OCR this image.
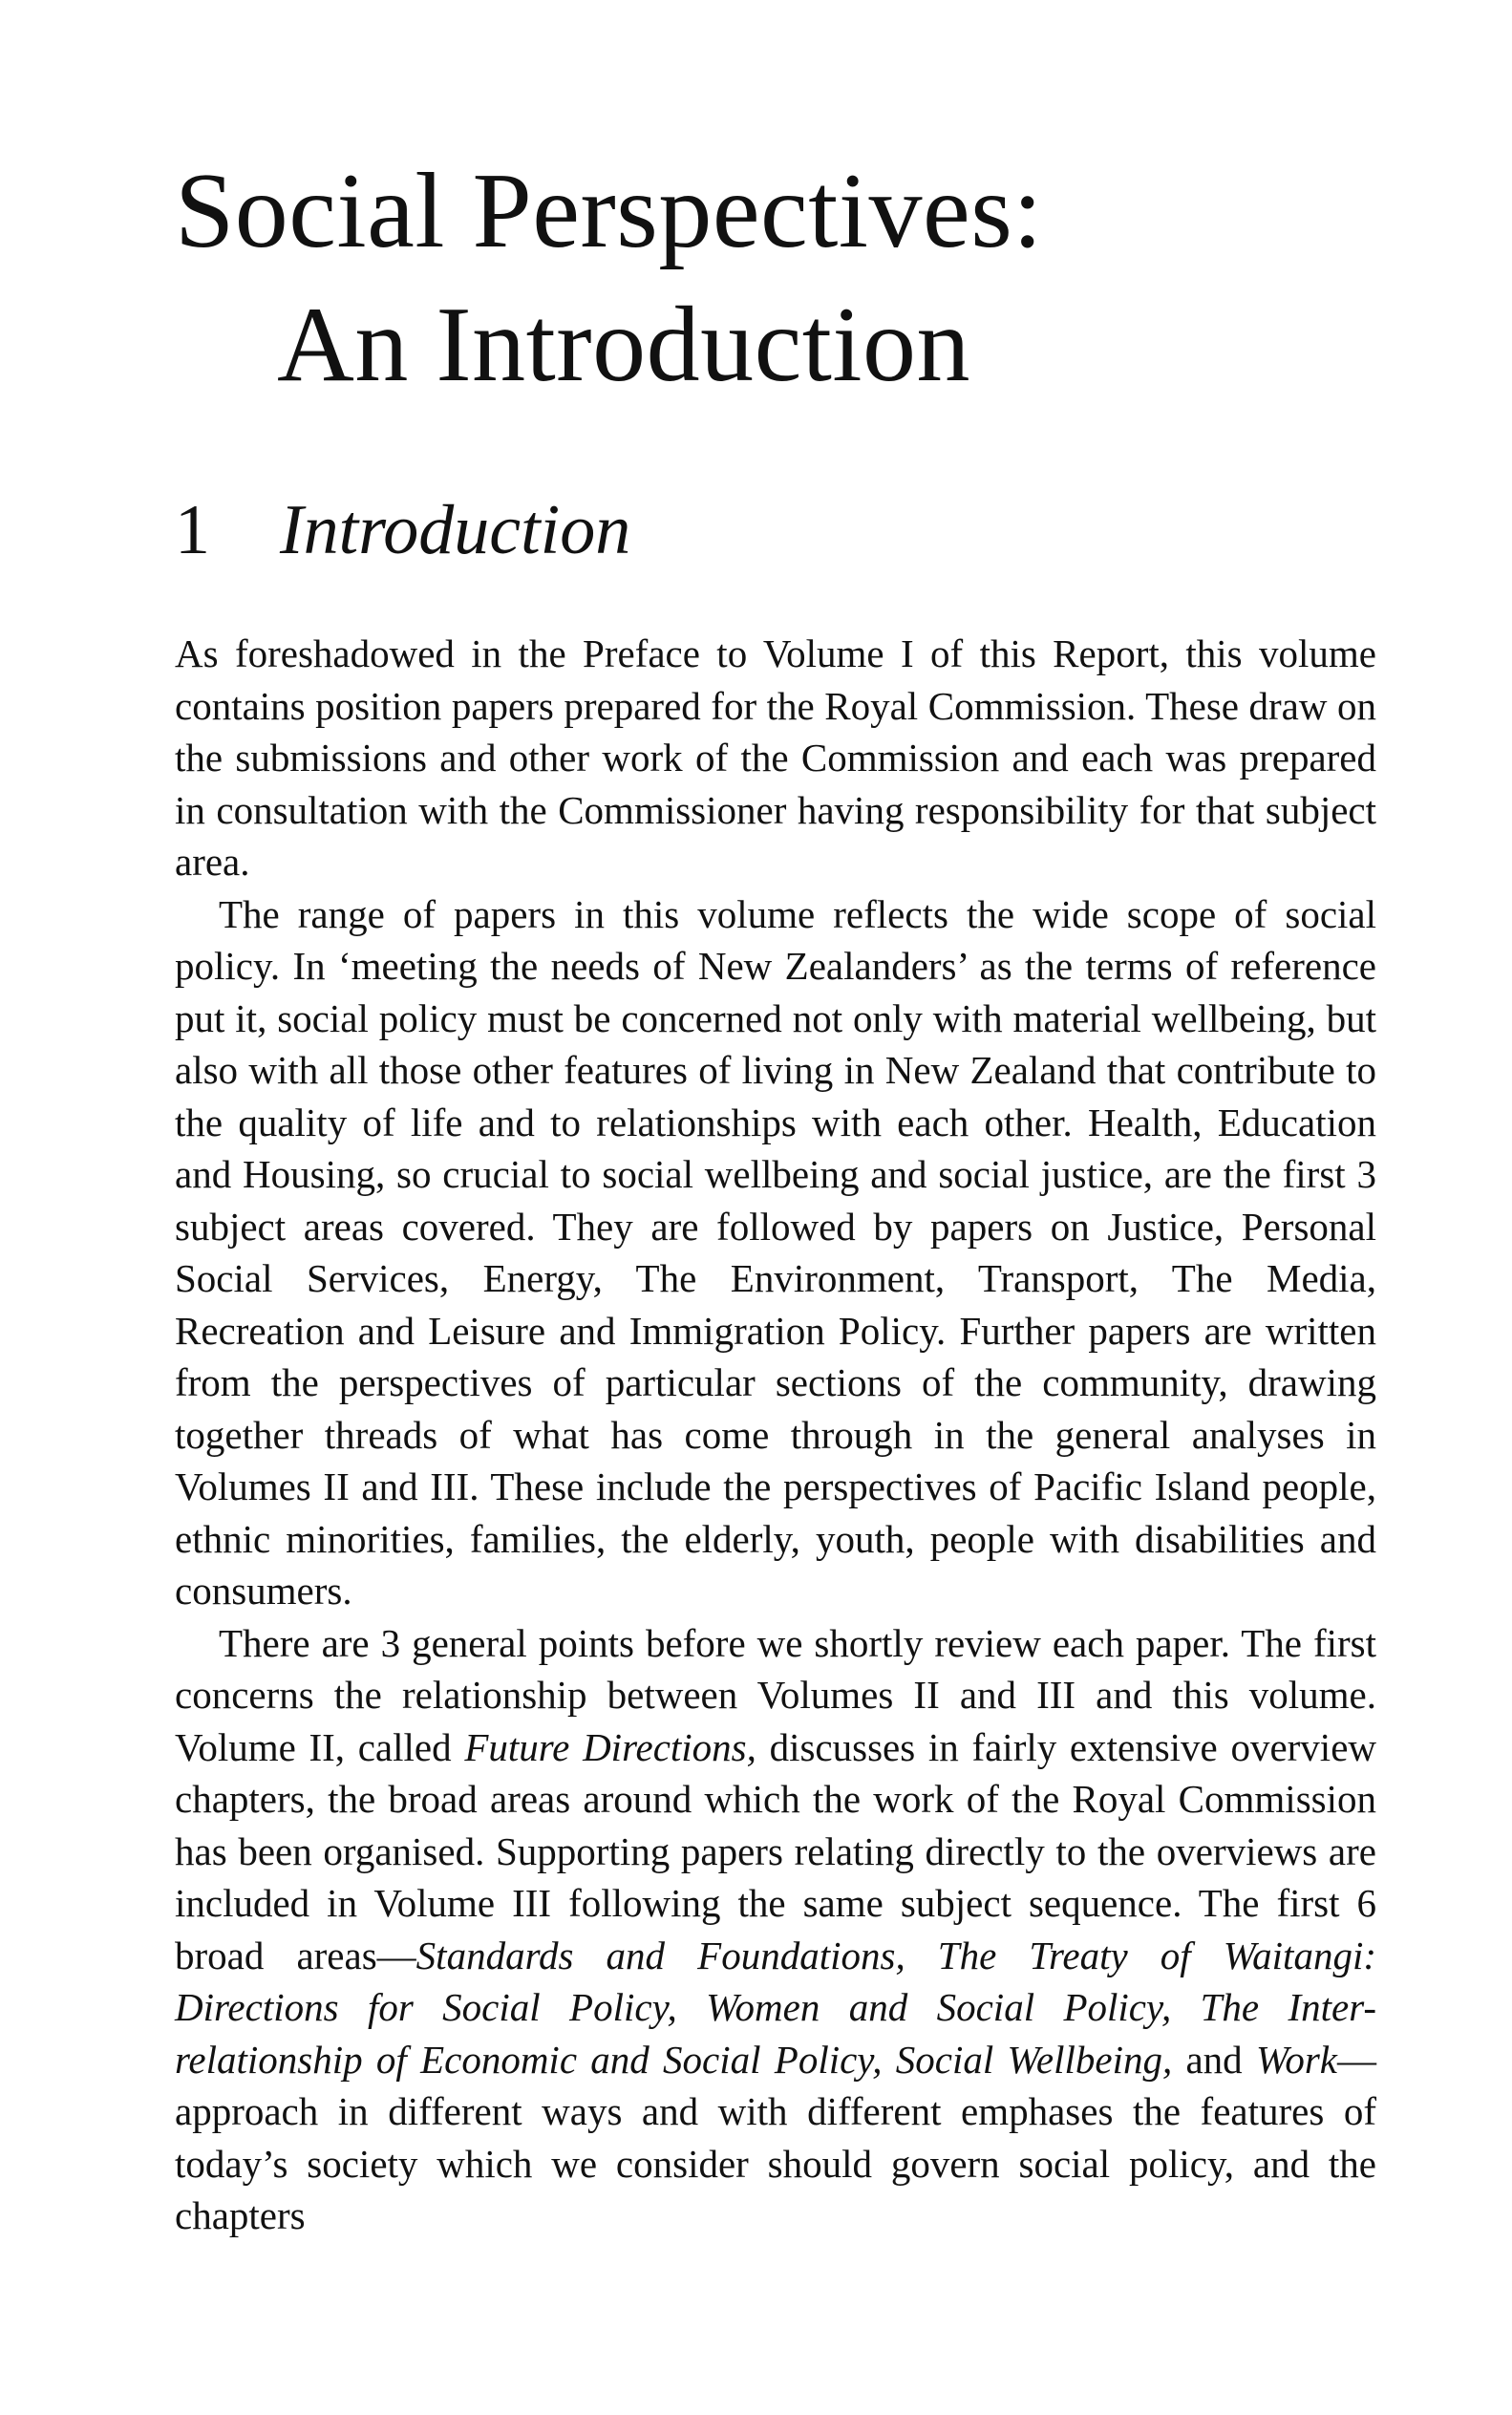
Social Perspectives:
An Introduction
1 Introduction

As foreshadowed in the Preface to Volume I of this Report, this volume contains position papers prepared for the Royal Commission. These draw on the submissions and other work of the Commission and each was prepared in consultation with the Commissioner having responsibility for that subject area.

The range of papers in this volume reflects the wide scope of social policy. In ‘meeting the needs of New Zealanders’ as the terms of reference put it, social policy must be concerned not only with material wellbeing, but also with all those other features of living in New Zealand that contribute to the quality of life and to relationships with each other. Health, Education and Housing, so crucial to social wellbeing and social justice, are the first 3 subject areas covered. They are followed by papers on Justice, Personal Social Services, Energy, The Environment, Transport, The Media, Recreation and Leisure and Immigration Policy. Further papers are written from the perspectives of particular sections of the community, drawing together threads of what has come through in the general analyses in Volumes II and III. These include the perspectives of Pacific Island people, ethnic minorities, families, the elderly, youth, people with disabilities and consumers.

There are 3 general points before we shortly review each paper. The first concerns the relationship between Volumes II and III and this volume. Volume II, called Future Directions, discusses in fairly extensive overview chapters, the broad areas around which the work of the Royal Commission has been organised. Supporting papers relating directly to the overviews are included in Volume III following the same subject sequence. The first 6 broad areas—Standards and Foundations, The Treaty of Waitangi: Directions for Social Policy, Women and Social Policy, The Inter-relationship of Economic and Social Policy, Social Wellbeing, and Work—approach in different ways and with different emphases the features of today’s society which we consider should govern social policy, and the chapters
